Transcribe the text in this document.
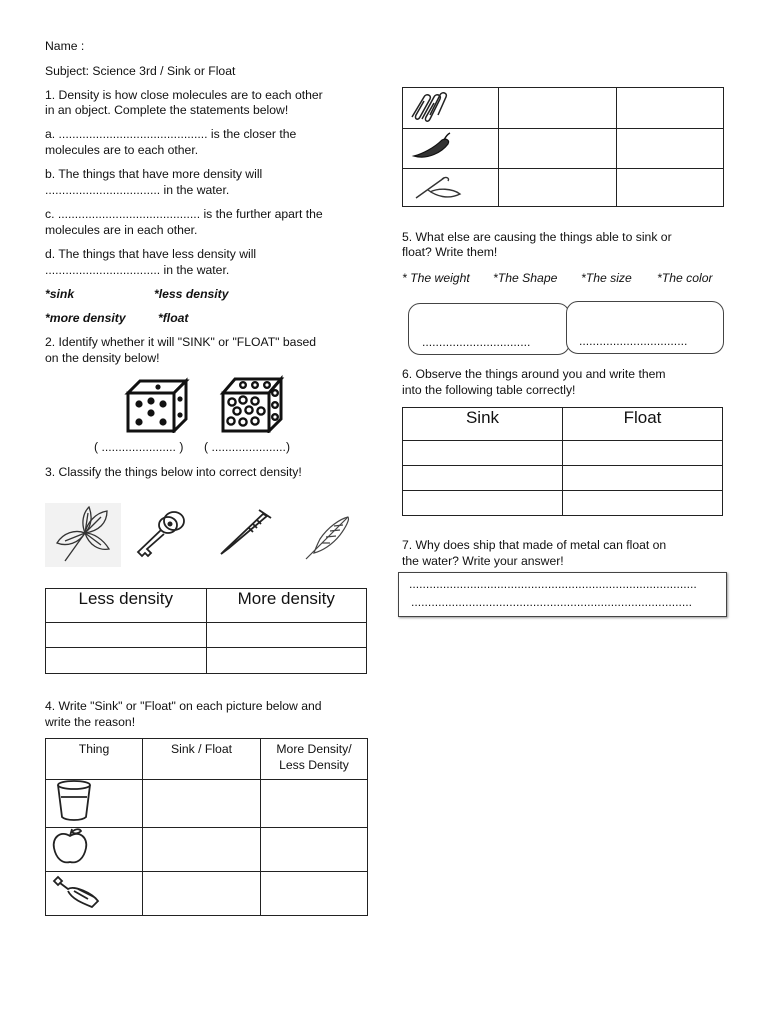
Name :
Subject: Science 3rd / Sink or Float
1. Density is how close molecules are to each other
in an object. Complete the statements below!
a. ............................................ is the closer the
molecules are to each other.
b. The things that have more density will
.................................. in the water.
c. .......................................... is the further apart the
molecules are in each other.
d. The things that have less density will
.................................. in the water.
*sink	*less density
*more density	*float
2. Identify whether it will "SINK" or "FLOAT" based
on the density below!
( ...................... ) ( ......................)
3. Classify the things below into correct density!
Less density	More density

4. Write "Sink" or "Float" on each picture below and
write the reason!
Thing	Sink / Float	More Density/
Less Density

5. What else are causing the things able to sink or
float? Write them!
* The weight *The Shape *The size *The color
................................	................................
6. Observe the things around you and write them
into the following table correctly!
Sink	Float

7. Why does ship that made of metal can float on
the water? Write your answer!
.....................................................................................
...................................................................................
